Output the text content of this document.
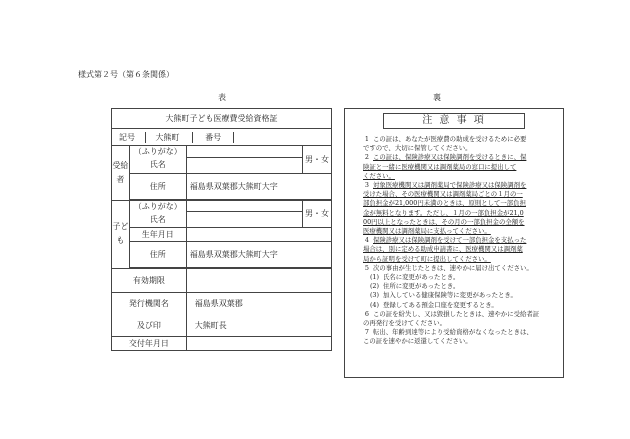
様式第２号（第６条関係）
表	裏
大熊町子ども医療費受給資格証			
記号 大熊町 番号			
受給者	（ふりがな）		男・女
	氏名		
	住所	福島県双葉郡大熊町大字	

子ども	（ふりがな）		男・女
	氏名		
	生年月日		
	住所	福島県双葉郡大熊町大字	

有効期限			
発行機関名		福島県双葉郡	
及び印		大熊町長	
交付年月日			
注 意 事 項
1 この証は、あなたが医療費の助成を受けるために必要
ですので、大切に保管してください。
2 この証は、保険診療又は保険調剤を受けるときに、保
険証と一緒に医療機関又は調剤薬局の窓口に提出して
ください。
3 対象医療機関又は調剤薬局で保険診療又は保険調剤を
受けた場合、その医療機関又は調剤薬局ごとの１月の一
部負担金が21,000円未満のときは、原則として一部負担
金が無料となります。ただし、１月の一部負担金が21,0
00円以上となったときは、その月の一部負担金の全額を
医療機関又は調剤薬局に支払ってください。
4 保険診療又は保険調剤を受けて一部負担金を支払った
場合は、別に定める助成申請書に、医療機関又は調剤薬
局から証明を受けて町に提出してください。
5 次の事由が生じたときは、速やかに届け出てください。
(1) 氏名に変更があったとき。
(2) 住所に変更があったとき。
(3) 加入している健康保険等に変更があったとき。
(4) 登録してある預金口座を変更するとき。
6 この証を紛失し、又は毀損したときは、速やかに受給者証
の再発行を受けてください。
7 転出、年齢到達等により受給資格がなくなったときは、
この証を速やかに返還してください。
